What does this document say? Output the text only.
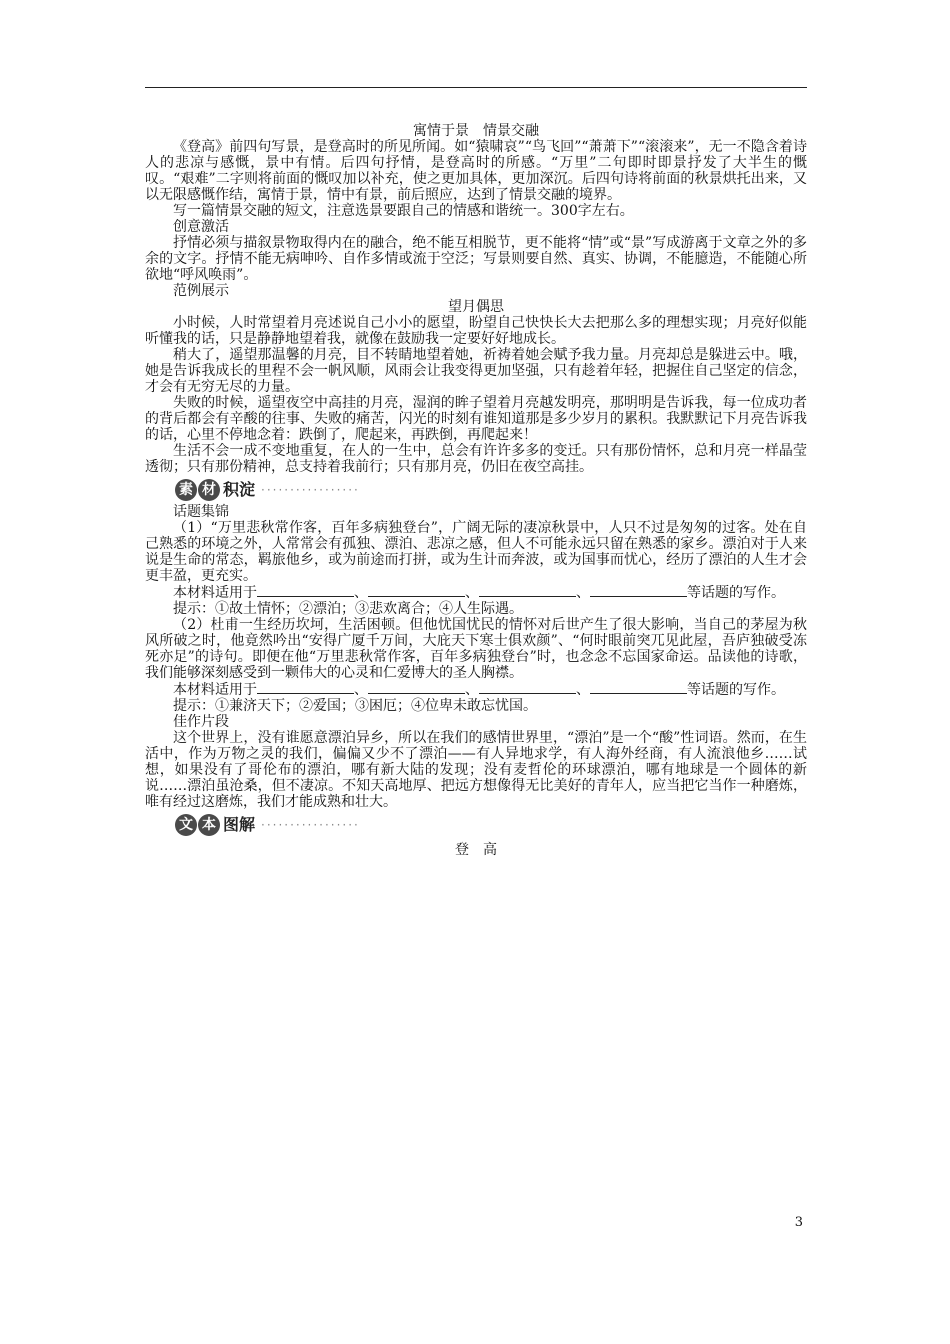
寓情于景　情景交融

《登高》前四句写景，是登高时的所见所闻。如“猿啸哀”“鸟飞回”“萧萧下”“滚滚来”，无一不隐含着诗人的悲凉与感慨，景中有情。后四句抒情，是登高时的所感。“万里”二句即时即景抒发了大半生的慨叹。“艰难”二字则将前面的慨叹加以补充，使之更加具体，更加深沉。后四句诗将前面的秋景烘托出来，又以无限感慨作结，寓情于景，情中有景，前后照应，达到了情景交融的境界。

写一篇情景交融的短文，注意选景要跟自己的情感和谐统一。300字左右。

创意激活

抒情必须与描叙景物取得内在的融合，绝不能互相脱节，更不能将“情”或“景”写成游离于文章之外的多余的文字。抒情不能无病呻吟、自作多情或流于空泛；写景则要自然、真实、协调，不能臆造，不能随心所欲地“呼风唤雨”。

范例展示

望月偶思

小时候，人时常望着月亮述说自己小小的愿望，盼望自己快快长大去把那么多的理想实现；月亮好似能听懂我的话，只是静静地望着我，就像在鼓励我一定要好好地成长。

稍大了，遥望那温馨的月亮，目不转睛地望着她，祈祷着她会赋予我力量。月亮却总是躲进云中。哦，她是告诉我成长的里程不会一帆风顺，风雨会让我变得更加坚强，只有趁着年轻，把握住自己坚定的信念，才会有无穷无尽的力量。

失败的时候，遥望夜空中高挂的月亮，湿润的眸子望着月亮越发明亮，那明明是告诉我，每一位成功者的背后都会有辛酸的往事、失败的痛苦，闪光的时刻有谁知道那是多少岁月的累积。我默默记下月亮告诉我的话，心里不停地念着：跌倒了，爬起来，再跌倒，再爬起来！

生活不会一成不变地重复，在人的一生中，总会有许许多多的变迁。只有那份情怀，总和月亮一样晶莹透彻；只有那份精神，总支持着我前行；只有那月亮，仍旧在夜空高挂。

素 材 积淀 ·················

话题集锦

（1）“万里悲秋常作客，百年多病独登台”，广阔无际的凄凉秋景中，人只不过是匆匆的过客。处在自己熟悉的环境之外，人常常会有孤独、漂泊、悲凉之感，但人不可能永远只留在熟悉的家乡。漂泊对于人来说是生命的常态，羁旅他乡，或为前途而打拼，或为生计而奔波，或为国事而忧心，经历了漂泊的人生才会更丰盈，更充实。

本材料适用于	、	、	、	等话题的写作。

提示：①故土情怀；②漂泊；③悲欢离合；④人生际遇。

（2）杜甫一生经历坎坷，生活困顿。但他忧国忧民的情怀对后世产生了很大影响，当自己的茅屋为秋风所破之时，他竟然吟出“安得广厦千万间，大庇天下寒士俱欢颜”、“何时眼前突兀见此屋，吾庐独破受冻死亦足”的诗句。即便在他“万里悲秋常作客，百年多病独登台”时，也念念不忘国家命运。品读他的诗歌，我们能够深刻感受到一颗伟大的心灵和仁爱博大的圣人胸襟。

本材料适用于	、	、	、	等话题的写作。

提示：①兼济天下；②爱国；③困厄；④位卑未敢忘忧国。

佳作片段

这个世界上，没有谁愿意漂泊异乡，所以在我们的感情世界里，“漂泊”是一个“酸”性词语。然而，在生活中，作为万物之灵的我们，偏偏又少不了漂泊——有人异地求学，有人海外经商，有人流浪他乡……试想，如果没有了哥伦布的漂泊，哪有新大陆的发现；没有麦哲伦的环球漂泊，哪有地球是一个圆体的新说……漂泊虽沧桑，但不凄凉。不知天高地厚、把远方想像得无比美好的青年人，应当把它当作一种磨炼，唯有经过这磨炼，我们才能成熟和壮大。

文 本 图解 ·················

登　高

3
